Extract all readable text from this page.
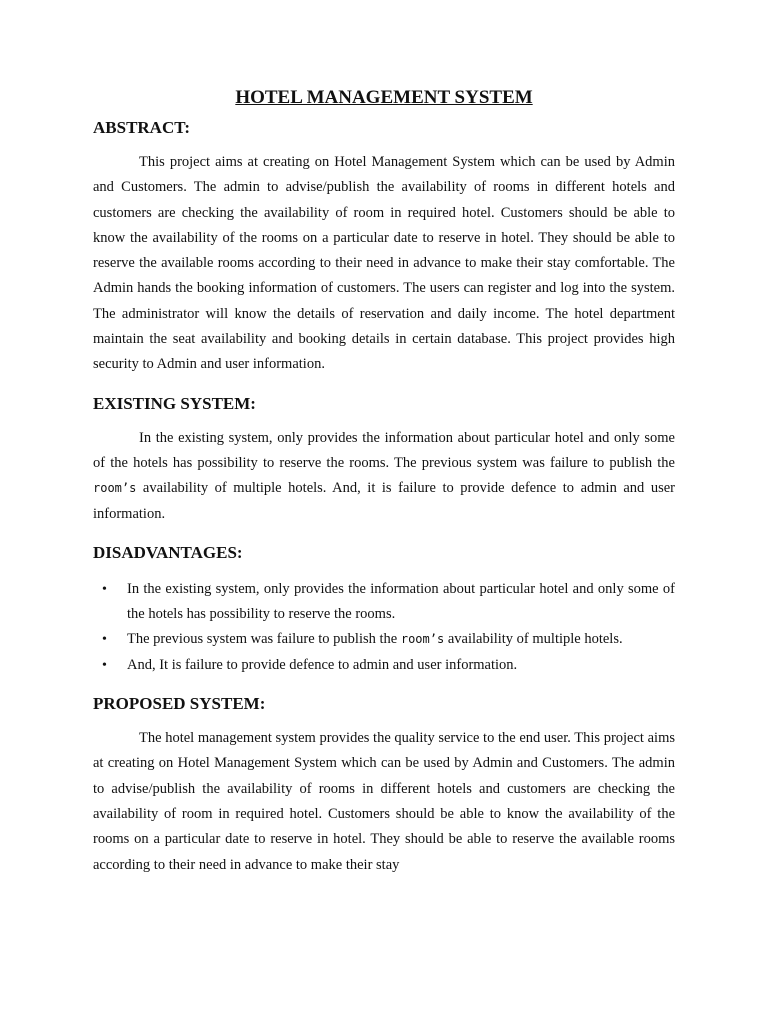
HOTEL MANAGEMENT SYSTEM
ABSTRACT:

This project aims at creating on Hotel Management System which can be used by Admin and Customers. The admin to advise/publish the availability of rooms in different hotels and customers are checking the availability of room in required hotel. Customers should be able to know the availability of the rooms on a particular date to reserve in hotel. They should be able to reserve the available rooms according to their need in advance to make their stay comfortable. The Admin hands the booking information of customers. The users can register and log into the system. The administrator will know the details of reservation and daily income. The hotel department maintain the seat availability and booking details in certain database. This project provides high security to Admin and user information.

EXISTING SYSTEM:

In the existing system, only provides the information about particular hotel and only some of the hotels has possibility to reserve the rooms. The previous system was failure to publish the room’s availability of multiple hotels. And, it is failure to provide defence to admin and user information.

DISADVANTAGES:
• In the existing system, only provides the information about particular hotel and only some of the hotels has possibility to reserve the rooms.
• The previous system was failure to publish the room’s availability of multiple hotels.
• And, It is failure to provide defence to admin and user information.
PROPOSED SYSTEM:

The hotel management system provides the quality service to the end user. This project aims at creating on Hotel Management System which can be used by Admin and Customers. The admin to advise/publish the availability of rooms in different hotels and customers are checking the availability of room in required hotel. Customers should be able to know the availability of the rooms on a particular date to reserve in hotel. They should be able to reserve the available rooms according to their need in advance to make their stay
